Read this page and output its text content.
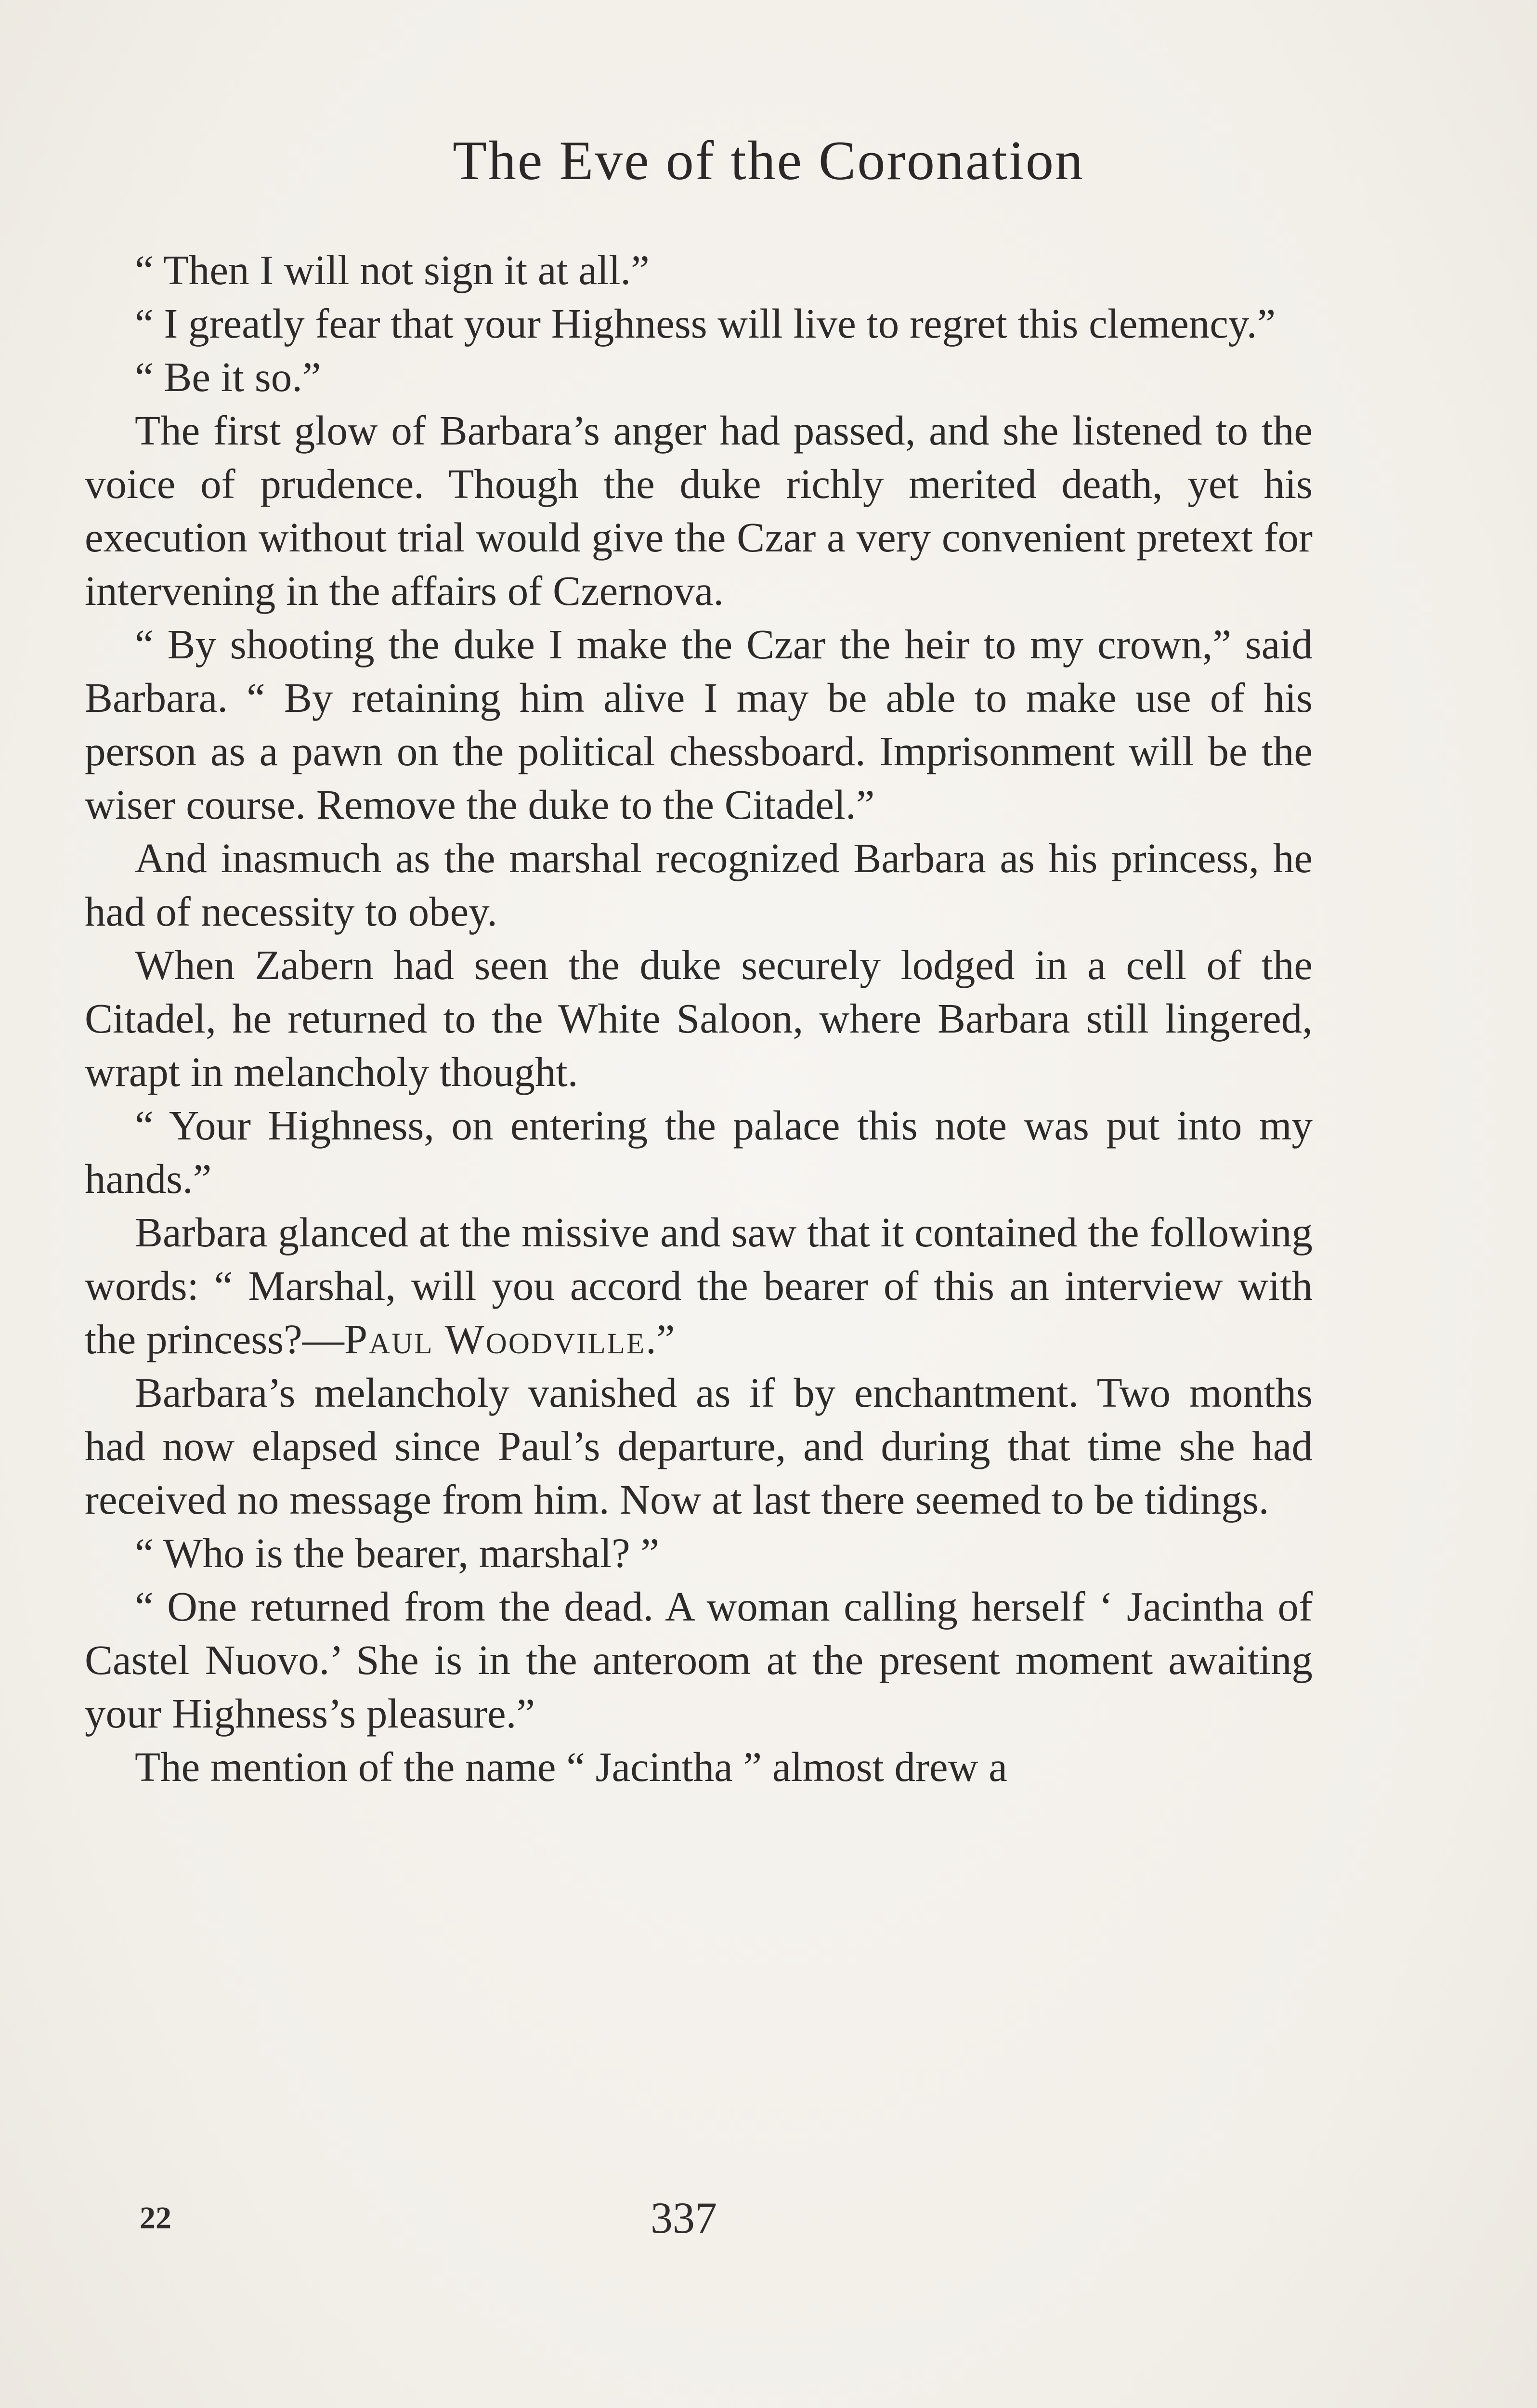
The Eve of the Coronation

“ Then I will not sign it at all.”

“ I greatly fear that your Highness will live to regret this clemency.”

“ Be it so.”

The first glow of Barbara’s anger had passed, and she listened to the voice of prudence. Though the duke richly merited death, yet his execution without trial would give the Czar a very convenient pretext for intervening in the affairs of Czernova.

“ By shooting the duke I make the Czar the heir to my crown,” said Barbara. “ By retaining him alive I may be able to make use of his person as a pawn on the political chessboard. Imprisonment will be the wiser course. Remove the duke to the Citadel.”

And inasmuch as the marshal recognized Barbara as his princess, he had of necessity to obey.

When Zabern had seen the duke securely lodged in a cell of the Citadel, he returned to the White Saloon, where Barbara still lingered, wrapt in melancholy thought.

“ Your Highness, on entering the palace this note was put into my hands.”

Barbara glanced at the missive and saw that it contained the following words: “ Marshal, will you accord the bearer of this an interview with the princess?—Paul Woodville.”

Barbara’s melancholy vanished as if by enchantment. Two months had now elapsed since Paul’s departure, and during that time she had received no message from him. Now at last there seemed to be tidings.

“ Who is the bearer, marshal? ”

“ One returned from the dead. A woman calling herself ‘ Jacintha of Castel Nuovo.’ She is in the anteroom at the present moment awaiting your Highness’s pleasure.”

The mention of the name “ Jacintha ” almost drew a

22	337
